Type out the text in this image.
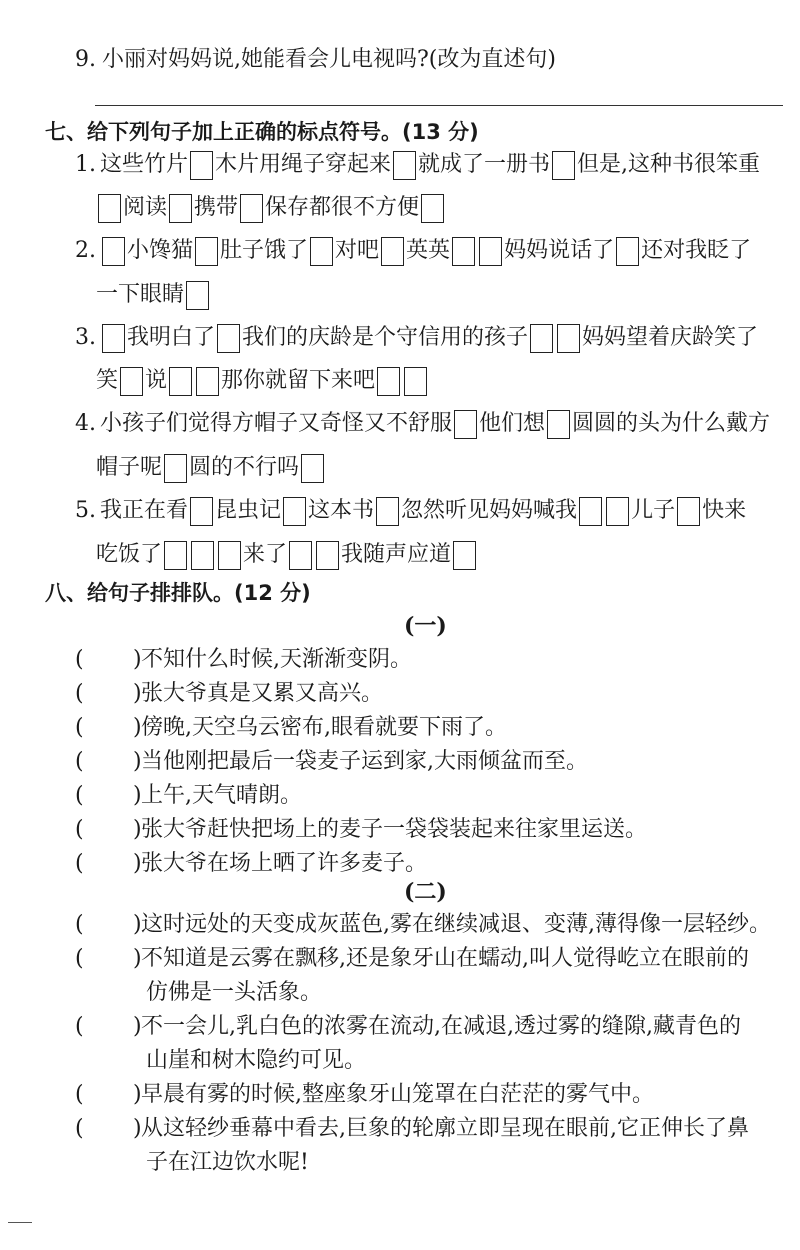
9. 小丽对妈妈说,她能看会儿电视吗?(改为直述句)
七、给下列句子加上正确的标点符号。(13 分)
1. 这些竹片 木片用绳子穿起来 就成了一册书 但是,这种书很笨重
阅读 携带 保存都很不方便
2. 小馋猫 肚子饿了 对吧 英英 妈妈说话了 还对我眨了
一下眼睛
3. 我明白了 我们的庆龄是个守信用的孩子 妈妈望着庆龄笑了
笑 说 那你就留下来吧
4. 小孩子们觉得方帽子又奇怪又不舒服 他们想 圆圆的头为什么戴方
帽子呢 圆的不行吗
5. 我正在看 昆虫记 这本书 忽然听见妈妈喊我 儿子 快来
吃饭了	来了 我随声应道
八、给句子排排队。(12 分)
(一)
( ) 不知什么时候,天渐渐变阴。
( ) 张大爷真是又累又高兴。
( ) 傍晚,天空乌云密布,眼看就要下雨了。
( ) 当他刚把最后一袋麦子运到家,大雨倾盆而至。
( ) 上午,天气晴朗。
( ) 张大爷赶快把场上的麦子一袋袋装起来往家里运送。
( ) 张大爷在场上晒了许多麦子。
(二)
( ) 这时远处的天变成灰蓝色,雾在继续减退、变薄,薄得像一层轻纱。
( ) 不知道是云雾在飘移,还是象牙山在蠕动,叫人觉得屹立在眼前的
仿佛是一头活象。
( ) 不一会儿,乳白色的浓雾在流动,在减退,透过雾的缝隙,藏青色的
山崖和树木隐约可见。
( ) 早晨有雾的时候,整座象牙山笼罩在白茫茫的雾气中。
( ) 从这轻纱垂幕中看去,巨象的轮廓立即呈现在眼前,它正伸长了鼻
子在江边饮水呢!
